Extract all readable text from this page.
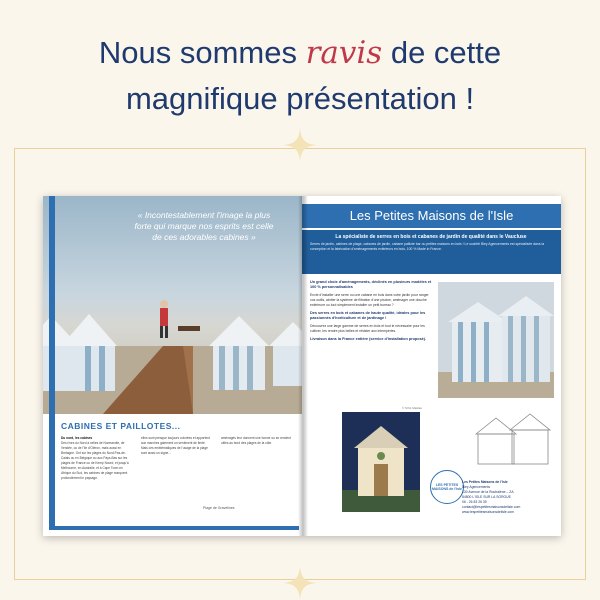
Nous sommes ravis de cette
magnifique présentation !
« Incontestablement l'image la plus forte qui marque nos esprits est celle de ces adorables cabines »
CABINES ET PAILLOTES...

Du nord, les cabines

Des rives du Nord à celles de Normandie, de Vendée, ou de l'île d'Oléron, mais aussi en Bretagne. Ont sur les plages du Nord-Pas-de-Calais ou en Belgique ou aux Pays-Bas sur les plages de France ou de Kemp Noord, et jusqu'à Melbourne, en Australie, et à Cape Town en Afrique du Sud, les cabines de plage marquent profondément le paysage.

elles sont presque toujours colorées et apportent aux marches gaiement un sentiment de fierté. Mais ces emblématiques de l'usage de la plage sont aussi un signe...

aménagés leur donnent une bonne ou se rendent utiles au bord des plages de la côte.

Plage de Gravelines
Les Petites Maisons de l'Isle
La spécialiste de serres en bois et cabanes de jardin de qualité dans le Vaucluse
Serres de jardin, cabines de plage, cabanes de jardin, cabane paillote bar ou petites maisons en bois ! Le société Bley Agencements est spécialisée dans la conception et la fabrication d'aménagements extérieurs en bois, 100 % Made in France.

Un grand choix d'aménagements, déclinés en plusieurs modèles et 100 % personnalisables

Envie d'installer une serre ou une cabane en bois dans votre jardin pour ranger vos outils, abriter la système de filtration d'une piscine, aménager une douche extérieure ou tout simplement installer un petit bureau ?

Des serres en bois et cabanes de haute qualité, idéales pour les passionnés d'horticulture et de jardinage !

Découvrez une large gamme de serres en bois et tout le nécessaire pour les cultiver, les rendre plus belles et résister aux intempéries.

Livraison dans la France entière (service d'installation proposé).

© SVG Médias
LES PETITES MAISONS de l'Isle
Les Petites Maisons de l'Isle
Bley Agencements
130 Avenue de la Roubalène – ZA
84800 L'ISLE SUR LA SORGUE
06 - 26 83 26 39
contact@lespetitesmaisonsdelisle.com
www.lespetitesmaisonsdelisle.com
